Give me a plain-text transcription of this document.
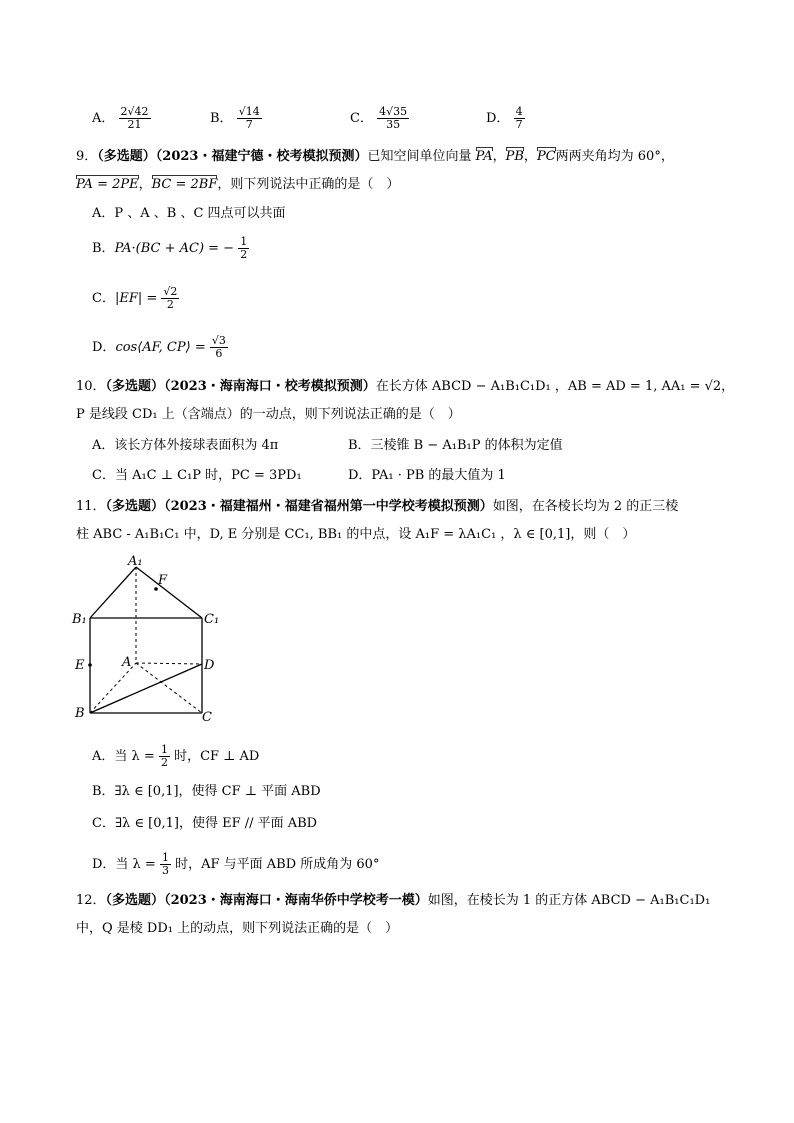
A． $\frac{2√42}{21}$	B． $\frac{√14}{7}$	C． $\frac{4√35}{35}$	D． $\frac{4}{7}$
9．（多选题）（2023・福建宁德・校考模拟预测）已知空间单位向量 PA，PB，PC两两夹角均为 60°，
PA = 2PE，BC = 2BF，则下列说法中正确的是（　）
A．P 、A 、B 、C 四点可以共面
B．PA·(BC + AC) = − $\frac{1}{2}$
C．$|EF| = \frac{√2}{2}$
D．cos⟨AF, CP⟩ = $\frac{√3}{6}$
10．（多选题）（2023・海南海口・校考模拟预测）在长方体 ABCD − A₁B₁C₁D₁ ，AB = AD = 1, AA₁ = √2，
P 是线段 CD₁ 上（含端点）的一动点，则下列说法正确的是（　）
A．该长方体外接球表面积为 4π	B．三棱锥 B − A₁B₁P 的体积为定值
C．当 A₁C ⊥ C₁P 时，PC = 3PD₁	D．PA₁ · PB 的最大值为 1
11．（多选题）（2023・福建福州・福建省福州第一中学校考模拟预测）如图，在各棱长均为 2 的正三棱
柱 ABC - A₁B₁C₁ 中，D, E 分别是 CC₁, BB₁ 的中点，设 A₁F = λA₁C₁ ，λ ∈ [0,1]，则（　）
A₁
F
B₁	C₁
E	A	D
B	C
A．当 $\lambda = \frac{1}{2}$ 时，CF ⊥ AD
B．∃λ ∈ [0,1]，使得 CF ⊥ 平面 ABD
C．∃λ ∈ [0,1]，使得 EF // 平面 ABD
D．当 $\lambda = \frac{1}{3}$ 时，AF 与平面 ABD 所成角为 60°
12．（多选题）（2023・海南海口・海南华侨中学校考一模）如图，在棱长为 1 的正方体 ABCD − A₁B₁C₁D₁
中，Q 是棱 DD₁ 上的动点，则下列说法正确的是（　）
